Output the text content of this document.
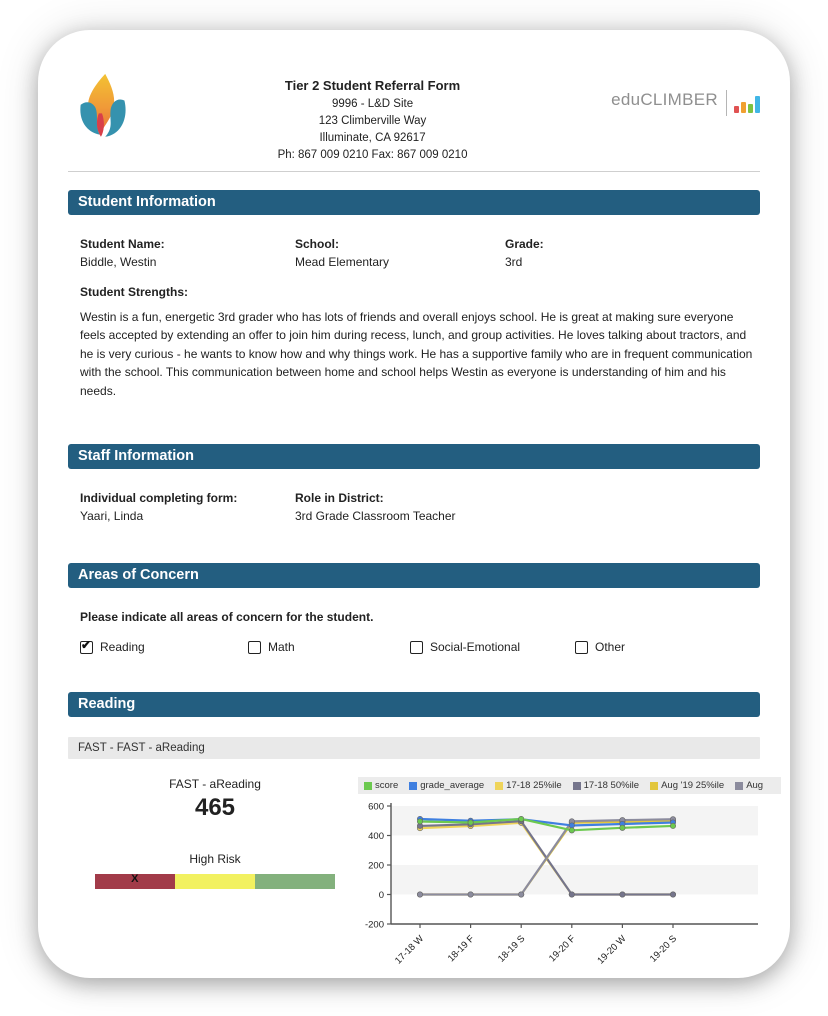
Tier 2 Student Referral Form
9996 - L&D Site
123 Climberville Way
Illuminate, CA 92617
Ph: 867 009 0210 Fax: 867 009 0210
eduCLIMBER
Student Information
Student Name:
Biddle, Westin
School:
Mead Elementary
Grade:
3rd
Student Strengths:
Westin is a fun, energetic 3rd grader who has lots of friends and overall enjoys school. He is great at making sure everyone feels accepted by extending an offer to join him during recess, lunch, and group activities. He loves talking about tractors, and he is very curious - he wants to know how and why things work. He has a supportive family who are in frequent communication with the school. This communication between home and school helps Westin as everyone is understanding of him and his needs.
Staff Information
Individual completing form:
Yaari, Linda
Role in District:
3rd Grade Classroom Teacher
Areas of Concern
Please indicate all areas of concern for the student.
✔
Reading	Math	Social-Emotional	Other
Reading
FAST - FAST - aReading
FAST - aReading
465
High Risk
X
score	grade_average	17-18 25%ile	17-18 50%ile	Aug '19 25%ile	Aug
-200
0
200
400
600
17-18 W 18-19 F 18-19 S 19-20 F 19-20 W 19-20 S
